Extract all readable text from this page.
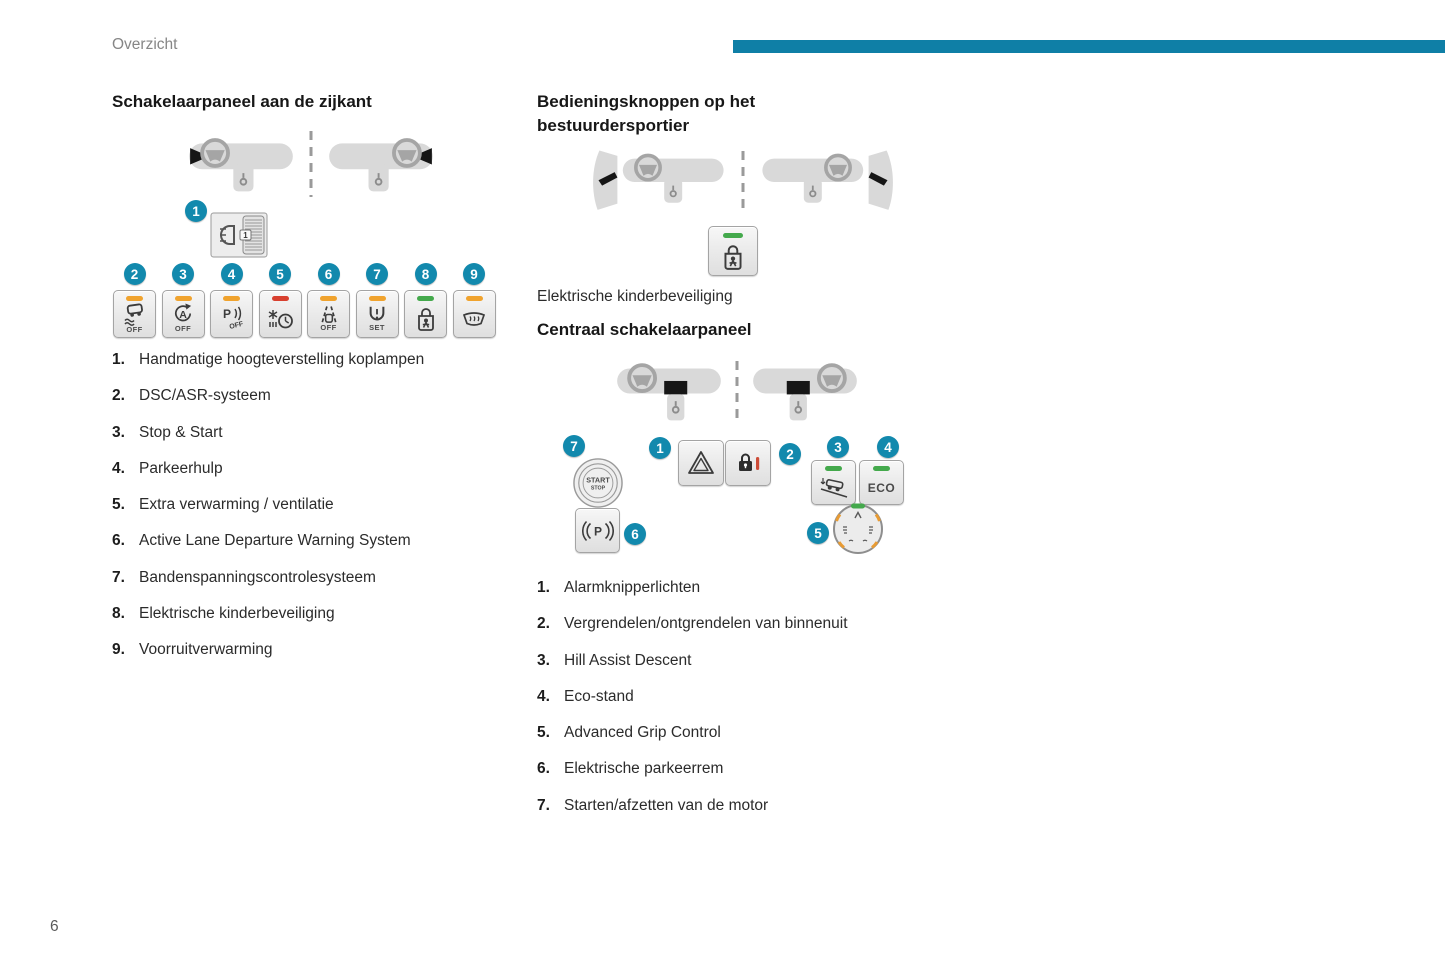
Overzicht
Schakelaarpaneel aan de zijkant
1
1
2
OFF
3
A
OFF
4
P
OFF
5	6
OFF
7
SET
8	9
1. Handmatige hoogteverstelling koplampen
2. DSC/ASR-systeem
3. Stop & Start
4. Parkeerhulp
5. Extra verwarming / ventilatie
6. Active Lane Departure Warning System
7. Bandenspanningscontrolesysteem
8. Elektrische kinderbeveiliging
9. Voorruitverwarming
Bedieningsknoppen op het
bestuurdersportier
Elektrische kinderbeveiliging
Centraal schakelaarpaneel
7
START
STOP
1	2	3	4
ECO
P	6	5
1. Alarmknipperlichten
2. Vergrendelen/ontgrendelen van binnenuit
3. Hill Assist Descent
4. Eco-stand
5. Advanced Grip Control
6. Elektrische parkeerrem
7. Starten/afzetten van de motor
6
